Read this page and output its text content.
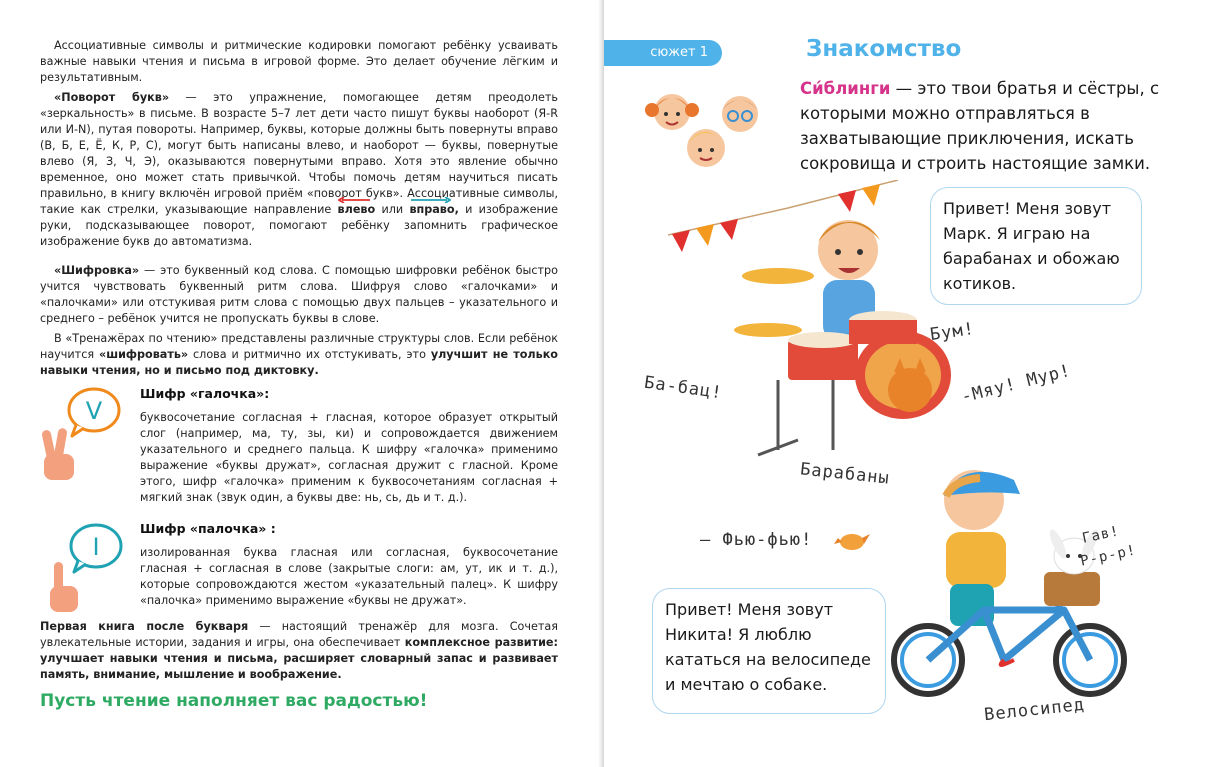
Ассоциативные символы и ритмические кодировки помогают ребёнку усваивать важные навыки чтения и письма в игровой форме. Это делает обучение лёгким и результативным.
«Поворот букв» — это упражнение, помогающее детям преодолеть «зеркальность» в письме. В возрасте 5–7 лет дети часто пишут буквы наоборот (Я-R или И-N), путая повороты. Например, буквы, которые должны быть повернуты вправо (В, Б, Е, Ё, К, Р, С), могут быть написаны влево, и наоборот — буквы, повернутые влево (Я, З, Ч, Э), оказываются повернутыми вправо. Хотя это явление обычно временное, оно может стать привычкой. Чтобы помочь детям научиться писать правильно, в книгу включён игровой приём «поворот букв». Ассоциативные символы, такие как стрелки, указывающие направление
влево или
вправо, и изображение руки, подсказывающее поворот, помогают ребёнку запомнить графическое изображение букв до автоматизма.
«Шифровка» — это буквенный код слова. С помощью шифровки ребёнок быстро учится чувствовать буквенный ритм слова. Шифруя слово «галочками» и «палочками» или отстукивая ритм слова с помощью двух пальцев – указательного и среднего – ребёнок учится не пропускать буквы в слове.
В «Тренажёрах по чтению» представлены различные структуры слов. Если ребёнок научится «шифровать» слова и ритмично их отстукивать, это улучшит не только навыки чтения, но и письмо под диктовку.
V
Шифр «галочка»:
буквосочетание согласная + гласная, которое образует открытый слог (например, ма, ту, зы, ки) и сопровождается движением указательного и среднего пальца. К шифру «галочка» применимо выражение «буквы дружат», согласная дружит с гласной. Кроме этого, шифр «галочка» применим к буквосочетаниям согласная + мягкий знак (звук один, а буквы две: нь, сь, дь и т. д.).
I
Шифр «палочка» :
изолированная буква гласная или согласная, буквосочетание гласная + согласная в слове (закрытые слоги: ам, ут, ик и т. д.), которые сопровождаются жестом «указательный палец». К шифру «палочка» применимо выражение «буквы не дружат».
Первая книга после букваря — настоящий тренажёр для мозга. Сочетая увлекательные истории, задания и игры, она обеспечивает комплексное развитие: улучшает навыки чтения и письма, расширяет словарный запас и развивает память, внимание, мышление и воображение.
Пусть чтение наполняет вас радостью!
сюжет 1	Знакомство
Си́блинги — это твои братья и сёстры, с которыми можно отправляться в захватывающие приключения, искать сокровища и строить настоящие замки.
Привет! Меня зовут Марк. Я играю на барабанах и обожаю котиков.
Бум!
Ба-бац!	-Мяу! Мур!
Барабаны
– Фью-фью!	Гав!
Р-р-р!
Привет! Меня зовут Никита! Я люблю кататься на велосипеде и мечтаю о собаке.
Велосипед
